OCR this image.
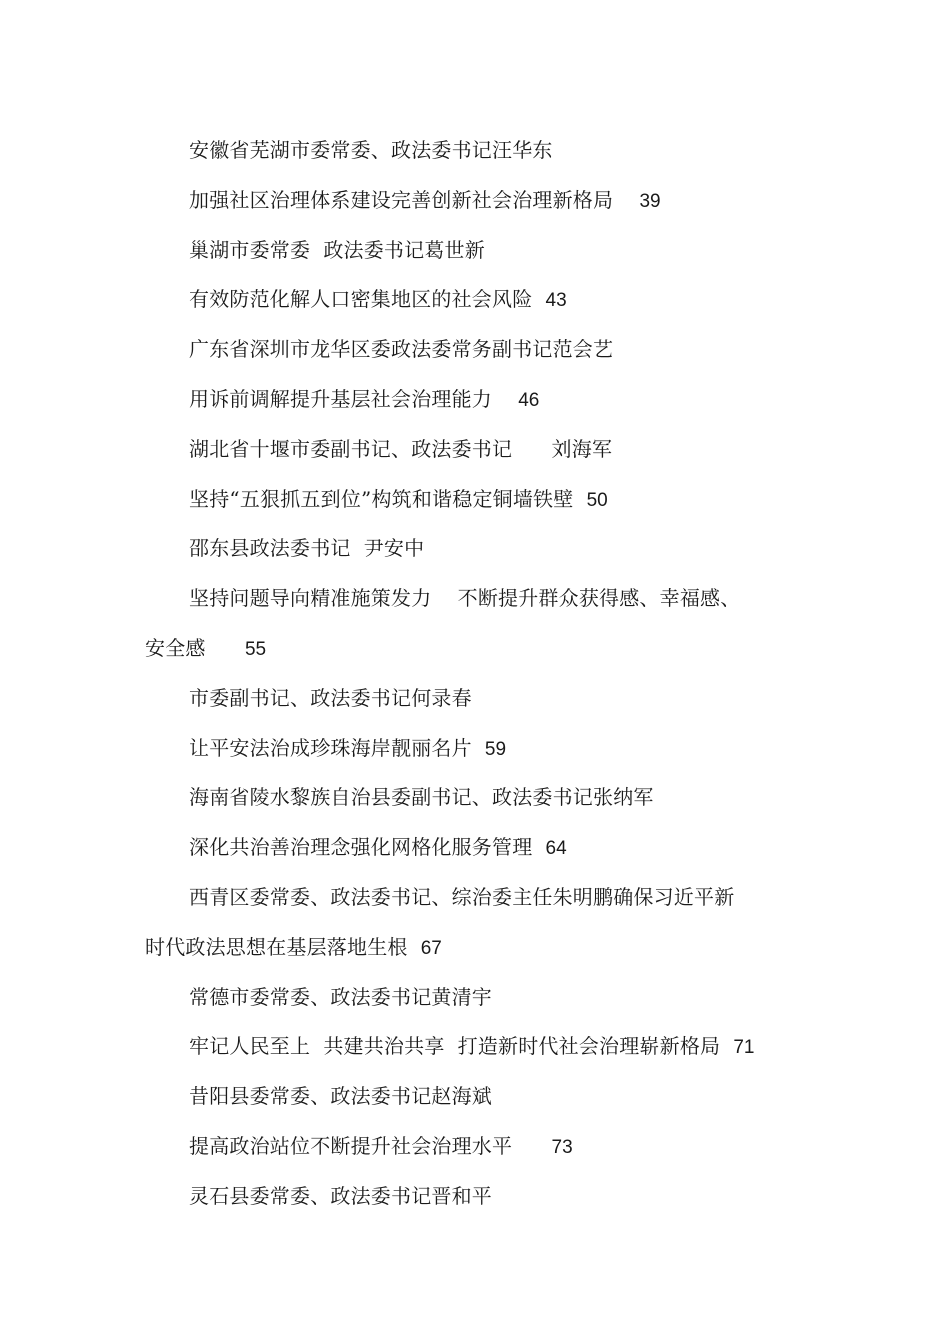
安徽省芜湖市委常委、政法委书记汪华东
加强社区治理体系建设完善创新社会治理新格局    39
巢湖市委常委  政法委书记葛世新
有效防范化解人口密集地区的社会风险  43
广东省深圳市龙华区委政法委常务副书记范会艺
用诉前调解提升基层社会治理能力    46
湖北省十堰市委副书记、政法委书记      刘海军
坚持“五狠抓五到位”构筑和谐稳定铜墙铁壁  50
邵东县政法委书记  尹安中
坚持问题导向精准施策发力    不断提升群众获得感、幸福感、
安全感      55
市委副书记、政法委书记何录春
让平安法治成珍珠海岸靓丽名片  59
海南省陵水黎族自治县委副书记、政法委书记张纳军
深化共治善治理念强化网格化服务管理  64
西青区委常委、政法委书记、综治委主任朱明鹏确保习近平新
时代政法思想在基层落地生根  67
常德市委常委、政法委书记黄清宇
牢记人民至上  共建共治共享  打造新时代社会治理崭新格局  71
昔阳县委常委、政法委书记赵海斌
提高政治站位不断提升社会治理水平      73
灵石县委常委、政法委书记晋和平
